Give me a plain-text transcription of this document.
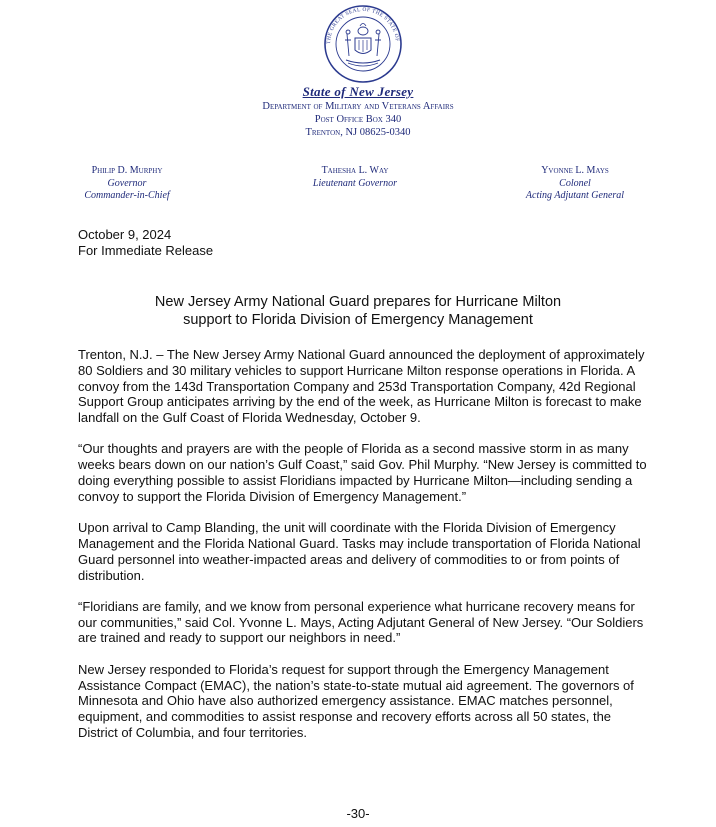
THE GREAT SEAL OF THE STATE OF
State of New Jersey
Department of Military and Veterans Affairs
Post Office Box 340
Trenton, NJ 08625-0340
Philip D. Murphy
Governor
Commander-in-Chief
Tahesha L. Way
Lieutenant Governor
Yvonne L. Mays
Colonel
Acting Adjutant General
October 9, 2024
For Immediate Release
New Jersey Army National Guard prepares for Hurricane Milton
support to Florida Division of Emergency Management

Trenton, N.J. – The New Jersey Army National Guard announced the deployment of approximately 80 Soldiers and 30 military vehicles to support Hurricane Milton response operations in Florida. A convoy from the 143d Transportation Company and 253d Transportation Company, 42d Regional Support Group anticipates arriving by the end of the week, as Hurricane Milton is forecast to make landfall on the Gulf Coast of Florida Wednesday, October 9.

“Our thoughts and prayers are with the people of Florida as a second massive storm in as many weeks bears down on our nation’s Gulf Coast,” said Gov. Phil Murphy. “New Jersey is committed to doing everything possible to assist Floridians impacted by Hurricane Milton—including sending a convoy to support the Florida Division of Emergency Management.”

Upon arrival to Camp Blanding, the unit will coordinate with the Florida Division of Emergency Management and the Florida National Guard. Tasks may include transportation of Florida National Guard personnel into weather-impacted areas and delivery of commodities to or from points of distribution.

“Floridians are family, and we know from personal experience what hurricane recovery means for our communities,” said Col. Yvonne L. Mays, Acting Adjutant General of New Jersey. “Our Soldiers are trained and ready to support our neighbors in need.”

New Jersey responded to Florida’s request for support through the Emergency Management Assistance Compact (EMAC), the nation’s state-to-state mutual aid agreement. The governors of Minnesota and Ohio have also authorized emergency assistance. EMAC matches personnel, equipment, and commodities to assist response and recovery efforts across all 50 states, the District of Columbia, and four territories.

-30-
